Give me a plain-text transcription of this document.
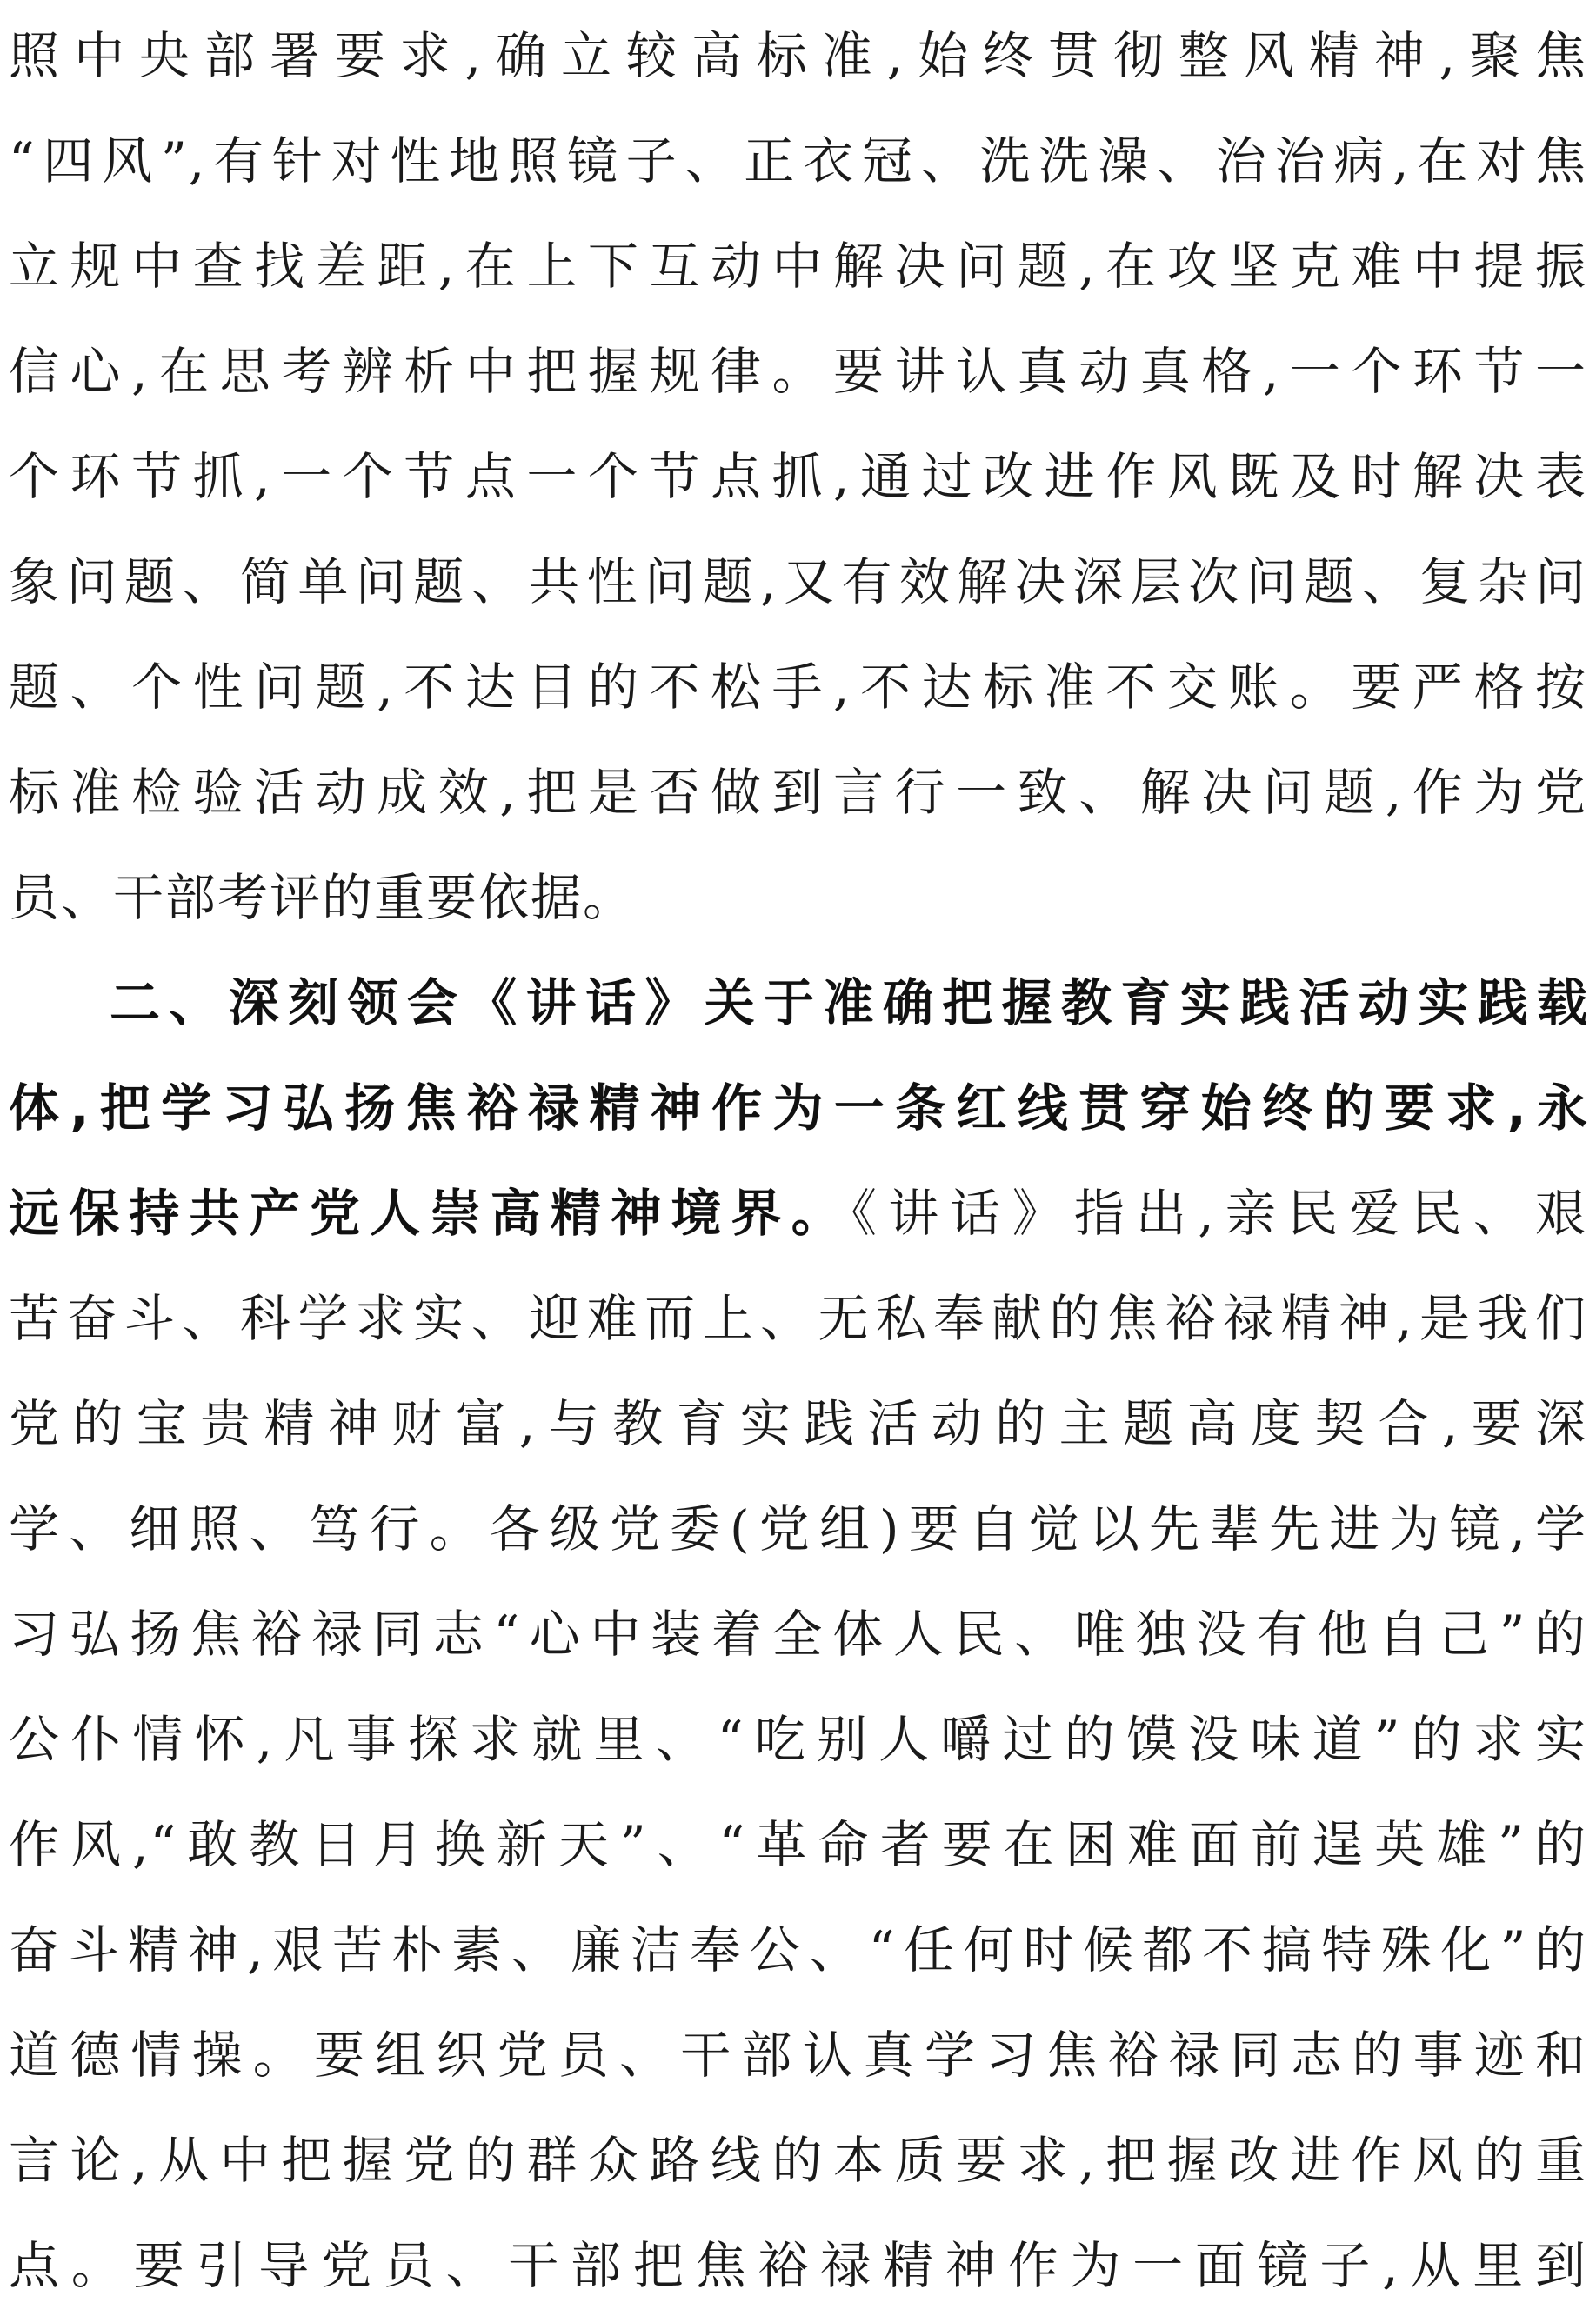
照中央部署要求,确立较高标准,始终贯彻整风精神,聚焦
“四风”,有针对性地照镜子、正衣冠、洗洗澡、治治病,在对焦
立规中查找差距,在上下互动中解决问题,在攻坚克难中提振
信心,在思考辨析中把握规律。要讲认真动真格,一个环节一
个环节抓,一个节点一个节点抓,通过改进作风既及时解决表
象问题、简单问题、共性问题,又有效解决深层次问题、复杂问
题、个性问题,不达目的不松手,不达标准不交账。要严格按
标准检验活动成效,把是否做到言行一致、解决问题,作为党
员、干部考评的重要依据。
二、深刻领会《讲话》关于准确把握教育实践活动实践载
体,把学习弘扬焦裕禄精神作为一条红线贯穿始终的要求,永
远保持共产党人崇高精神境界。《讲话》指出,亲民爱民、艰
苦奋斗、科学求实、迎难而上、无私奉献的焦裕禄精神,是我们
党的宝贵精神财富,与教育实践活动的主题高度契合,要深
学、细照、笃行。各级党委(党组)要自觉以先辈先进为镜,学
习弘扬焦裕禄同志“心中装着全体人民、唯独没有他自己”的
公仆情怀,凡事探求就里、“吃别人嚼过的馍没味道”的求实
作风,“敢教日月换新天”、“革命者要在困难面前逞英雄”的
奋斗精神,艰苦朴素、廉洁奉公、“任何时候都不搞特殊化”的
道德情操。要组织党员、干部认真学习焦裕禄同志的事迹和
言论,从中把握党的群众路线的本质要求,把握改进作风的重
点。要引导党员、干部把焦裕禄精神作为一面镜子,从里到
